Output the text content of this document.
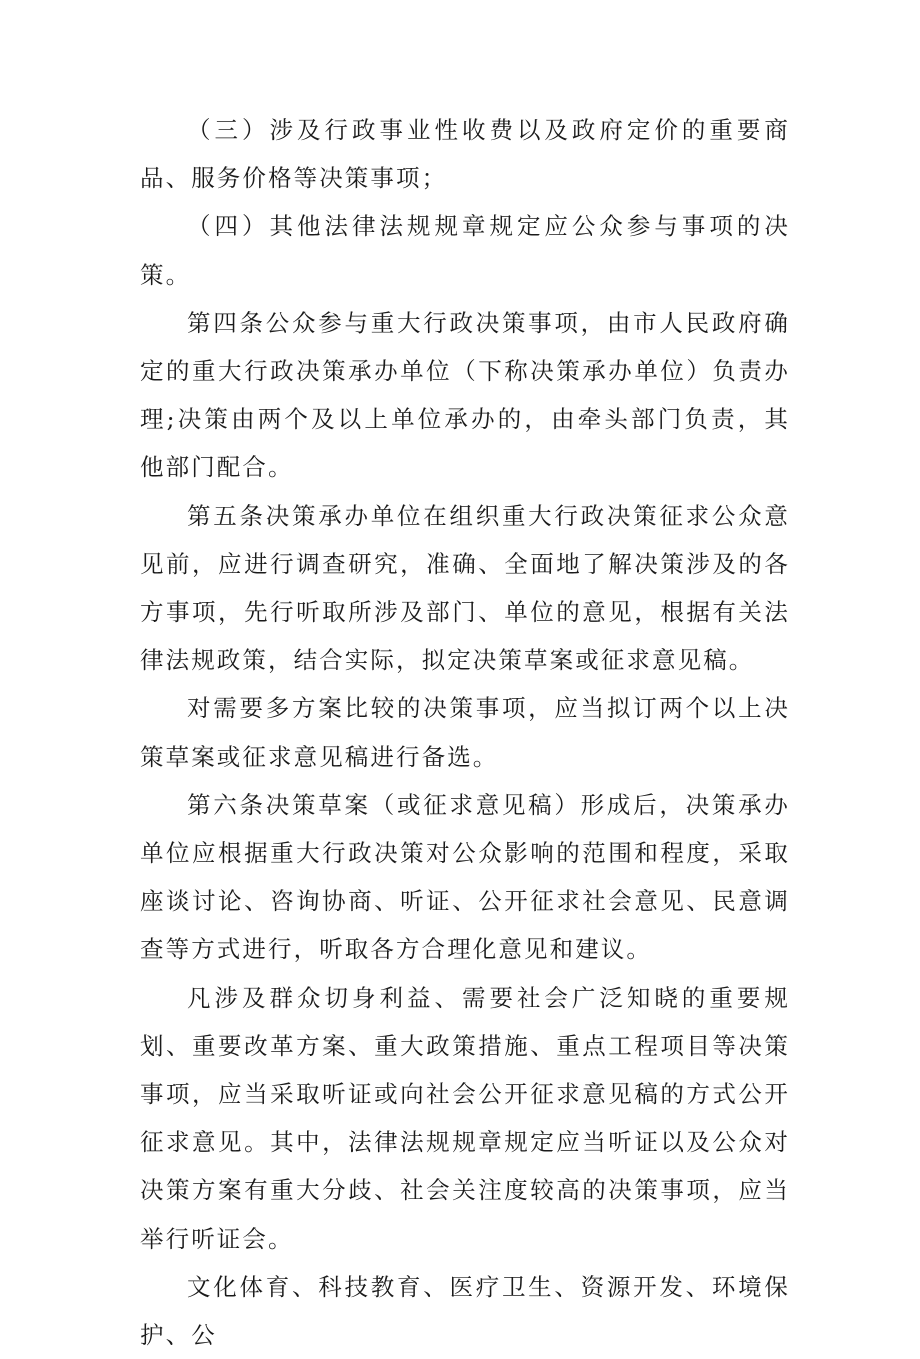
（三）涉及行政事业性收费以及政府定价的重要商品、服务价格等决策事项；

（四）其他法律法规规章规定应公众参与事项的决策。

第四条公众参与重大行政决策事项，由市人民政府确定的重大行政决策承办单位（下称决策承办单位）负责办理;决策由两个及以上单位承办的，由牵头部门负责，其他部门配合。

第五条决策承办单位在组织重大行政决策征求公众意见前，应进行调查研究，准确、全面地了解决策涉及的各方事项，先行听取所涉及部门、单位的意见，根据有关法律法规政策，结合实际，拟定决策草案或征求意见稿。

对需要多方案比较的决策事项，应当拟订两个以上决策草案或征求意见稿进行备选。

第六条决策草案（或征求意见稿）形成后，决策承办单位应根据重大行政决策对公众影响的范围和程度，采取座谈讨论、咨询协商、听证、公开征求社会意见、民意调查等方式进行，听取各方合理化意见和建议。

凡涉及群众切身利益、需要社会广泛知晓的重要规划、重要改革方案、重大政策措施、重点工程项目等决策事项，应当采取听证或向社会公开征求意见稿的方式公开征求意见。其中，法律法规规章规定应当听证以及公众对决策方案有重大分歧、社会关注度较高的决策事项，应当举行听证会。

文化体育、科技教育、医疗卫生、资源开发、环境保护、公
